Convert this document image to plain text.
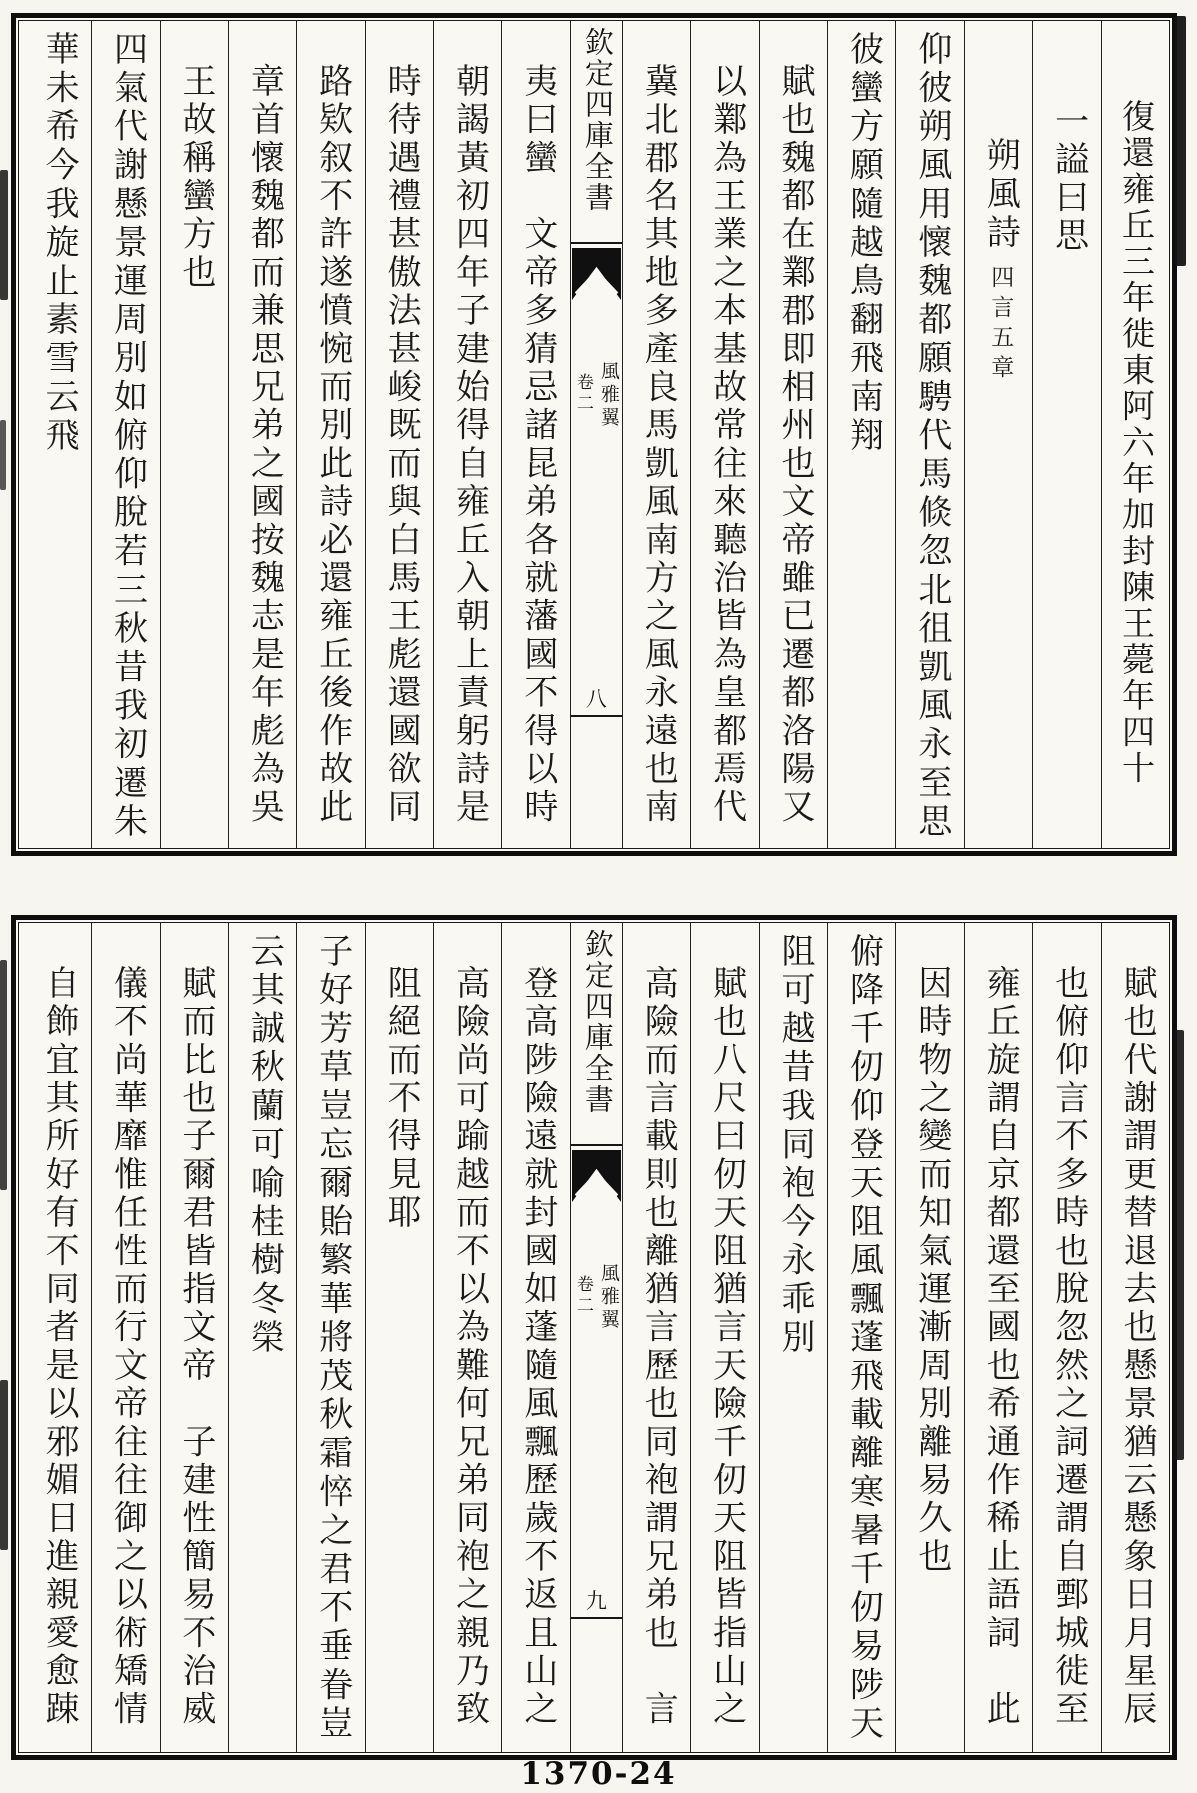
復還雍丘三年徙東阿六年加封陳王薨年四十
一謚曰思
朔風詩四言五章
仰彼朔風用懷魏都願騁代馬倐忽北徂凱風永至思
彼蠻方願隨越鳥翻飛南翔
賦也魏都在鄴郡即相州也文帝雖已遷都洛陽又
以鄴為王業之本基故常往來聽治皆為皇都焉代
冀北郡名其地多產良馬凱風南方之風永遠也南
欽定四庫全書
風雅翼
卷二
八
夷曰蠻　文帝多猜忌諸昆弟各就藩國不得以時
朝謁黃初四年子建始得自雍丘入朝上責躬詩是
時待遇禮甚傲法甚峻既而與白馬王彪還國欲同
路欵叙不許遂憤惋而別此詩必還雍丘後作故此
章首懷魏都而兼思兄弟之國按魏志是年彪為吳
王故稱蠻方也
四氣代謝懸景運周別如俯仰脫若三秋昔我初遷朱
華未希今我旋止素雪云飛
賦也代謝謂更替退去也懸景猶云懸象日月星辰
也俯仰言不多時也脫忽然之詞遷謂自鄄城徙至
雍丘旋謂自京都還至國也希通作稀止語詞　此
因時物之變而知氣運漸周別離易久也
俯降千仞仰登天阻風飄蓬飛載離寒暑千仞易陟天
阻可越昔我同袍今永乖別
賦也八尺曰仞天阻猶言天險千仞天阻皆指山之
高險而言載則也離猶言歷也同袍謂兄弟也　言
欽定四庫全書
風雅翼
卷二
九
登高陟險遠就封國如蓬隨風飄歷歲不返且山之
高險尚可踰越而不以為難何兄弟同袍之親乃致
阻絕而不得見耶
子好芳草豈忘爾貽繁華將茂秋霜悴之君不垂眷豈
云其誠秋蘭可喻桂樹冬榮
賦而比也子爾君皆指文帝　子建性簡易不治威
儀不尚華靡惟任性而行文帝往往御之以術矯情
自飾宜其所好有不同者是以邪媚日進親愛愈踈
1370-24
